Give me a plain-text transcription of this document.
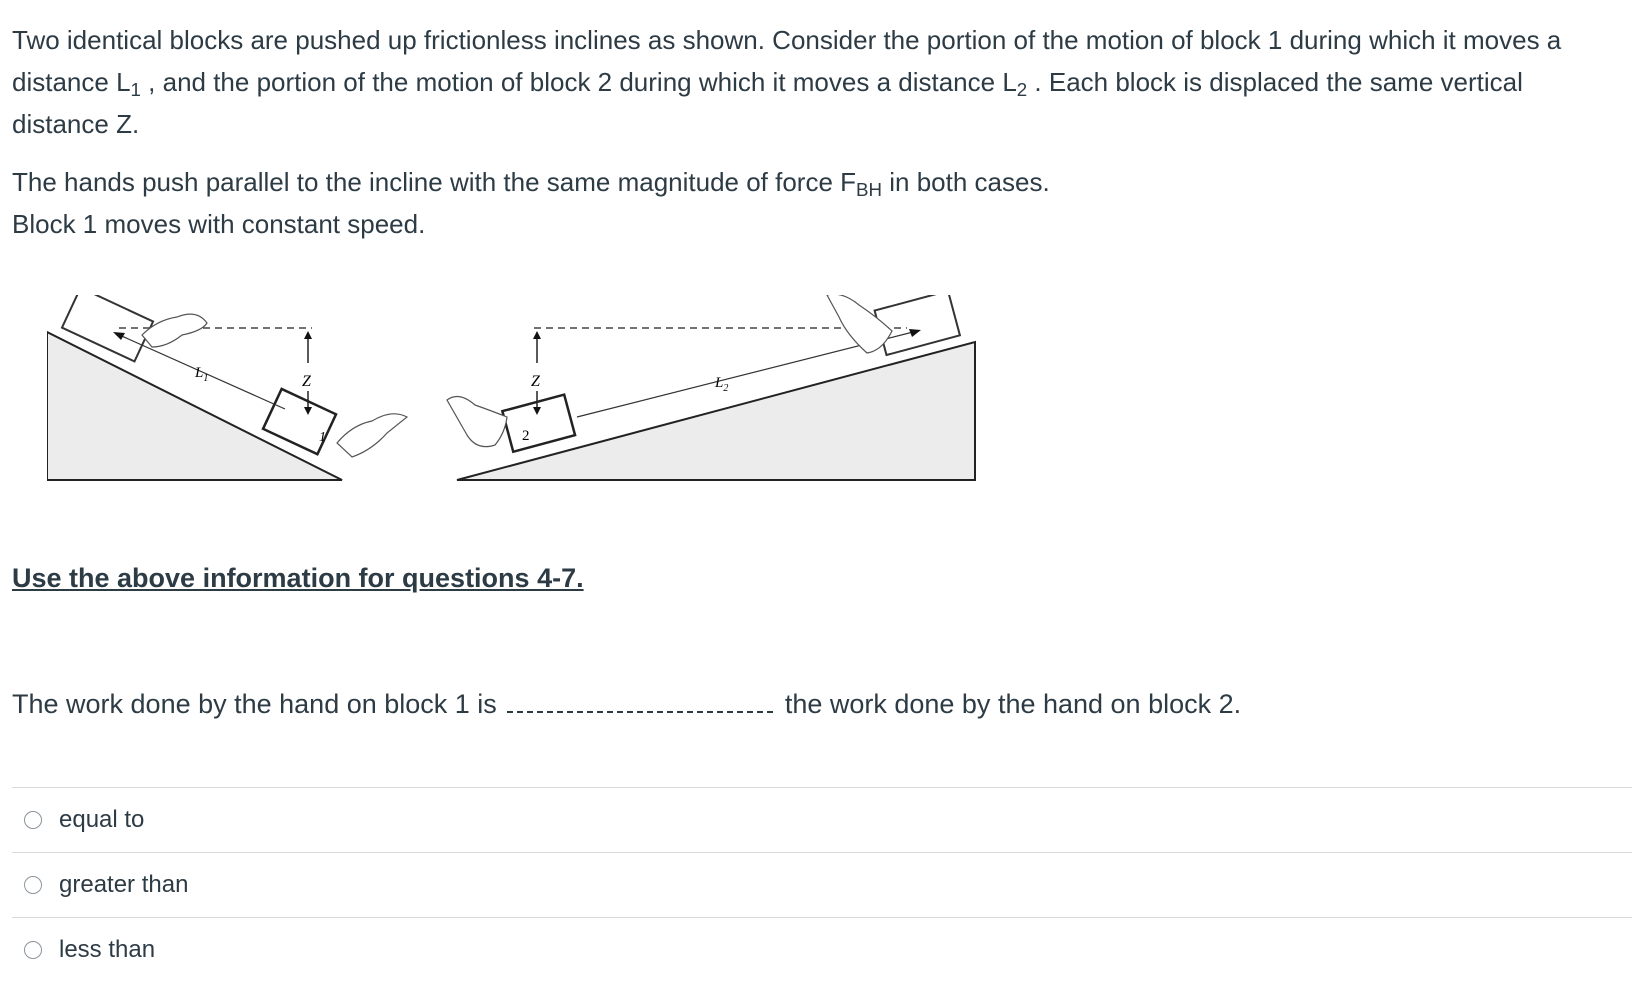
Two identical blocks are pushed up frictionless inclines as shown. Consider the portion of the motion of block 1 during which it moves a distance $L_1$ , and the portion of the motion of block 2 during which it moves a distance $L_2$ . Each block is displaced the same vertical distance Z.

The hands push parallel to the incline with the same magnitude of force $F_{BH}$ in both cases.
Block 1 moves with constant speed.

1
$L_1$	Z
2
$L_2$
Z

Use the above information for questions 4-7.

The work done by the hand on block 1 is	the work done by the hand on block 2.

equal to
greater than
less than
